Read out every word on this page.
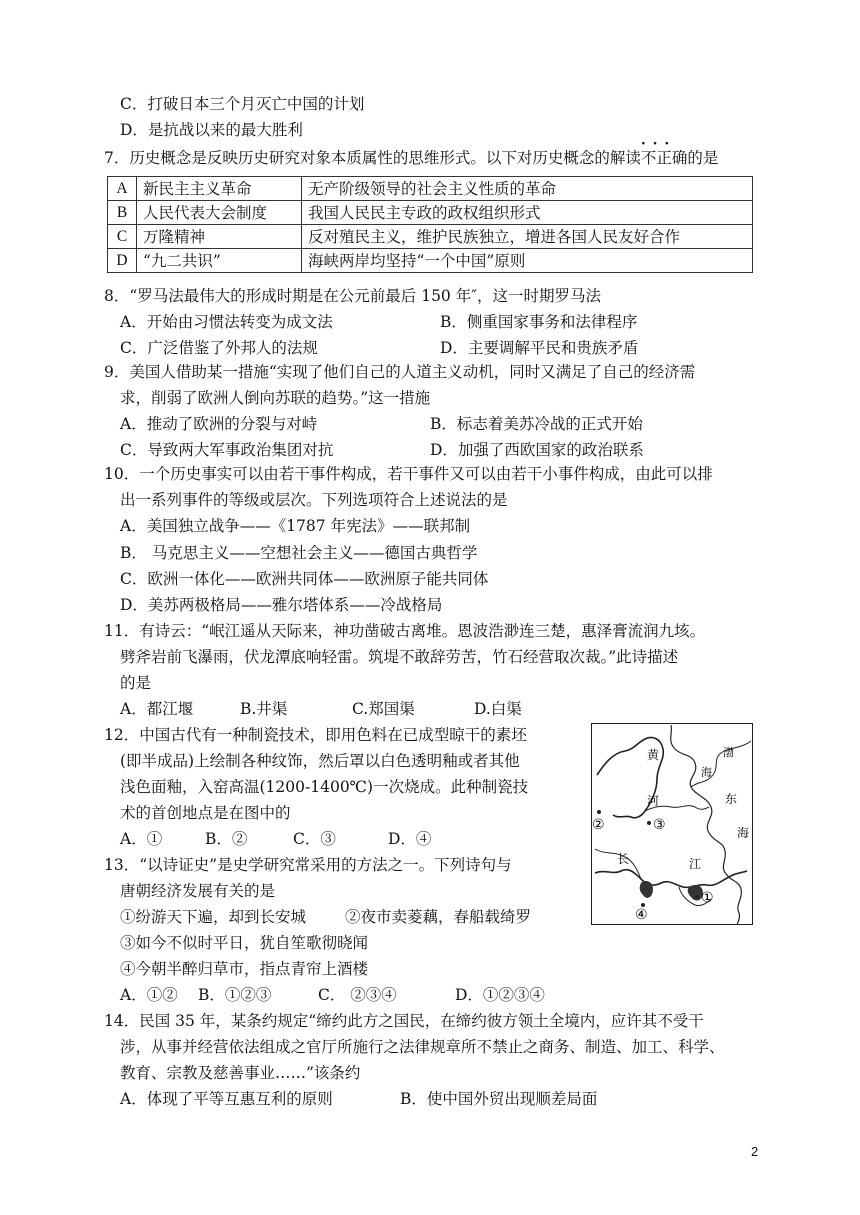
C．打破日本三个月灭亡中国的计划
D．是抗战以来的最大胜利
7．历史概念是反映历史研究对象本质属性的思维形式。以下对历史概念的解读· · 不正确的是
A	新民主主义革命	无产阶级领导的社会主义性质的革命
B	人民代表大会制度	我国人民民主专政的政权组织形式
C	万隆精神	反对殖民主义，维护民族独立，增进各国人民友好合作
D	“九二共识”	海峡两岸均坚持“一个中国”原则
8．“罗马法最伟大的形成时期是在公元前最后 150 年″，这一时期罗马法
A．开始由习惯法转变为成文法	B．侧重国家事务和法律程序
C．广泛借鉴了外邦人的法规	D．主要调解平民和贵族矛盾
9．美国人借助某一措施“实现了他们自己的人道主义动机，同时又满足了自己的经济需
求，削弱了欧洲人倒向苏联的趋势。”这一措施
A．推动了欧洲的分裂与对峙	B．标志着美苏冷战的正式开始
C．导致两大军事政治集团对抗	D．加强了西欧国家的政治联系
10．一个历史事实可以由若干事件构成，若干事件又可以由若干小事件构成，由此可以排
出一系列事件的等级或层次。下列选项符合上述说法的是
A．美国独立战争——《1787 年宪法》——联邦制
B． 马克思主义——空想社会主义——德国古典哲学
C．欧洲一体化——欧洲共同体——欧洲原子能共同体
D．美苏两极格局——雅尔塔体系——冷战格局
11．有诗云：“岷江遥从天际来，神功凿破古离堆。恩波浩渺连三楚，惠泽膏流润九垓。
劈斧岩前飞瀑雨，伏龙潭底响轻雷。筑堤不敢辞劳苦，竹石经营取次裁。”此诗描述
的是
A．都江堰	B.井渠	C.郑国渠	D.白渠
12．中国古代有一种制瓷技术，即用色料在已成型晾干的素坯
(即半成品)上绘制各种纹饰，然后罩以白色透明釉或者其他
浅色面釉，入窑高温(1200-1400℃)一次烧成。此种制瓷技
术的首创地点是在图中的
A．①	B．②	C．③	D．④
黄
河
渤
海
东
海
长	江
①
②	③
④
13．“以诗证史”是史学研究常采用的方法之一。下列诗句与
唐朝经济发展有关的是
①纷游天下遍，却到长安城	②夜市卖菱藕，春船载绮罗
③如今不似时平日，犹自笙歌彻晓闻
④今朝半醉归草市，指点青帘上酒楼
A．①② B．①②③	C． ②③④	D．①②③④
14．民国 35 年，某条约规定“缔约此方之国民，在缔约彼方领土全境内，应许其不受干
涉，从事并经营依法组成之官厅所施行之法律规章所不禁止之商务、制造、加工、科学、
教育、宗教及慈善事业……”该条约
A．体现了平等互惠互利的原则	B．使中国外贸出现顺差局面
2
